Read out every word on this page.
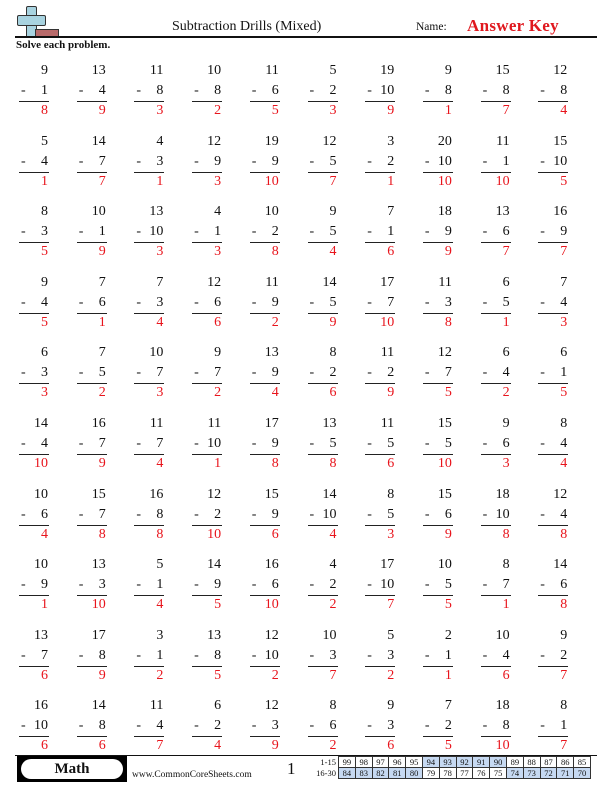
Subtraction Drills (Mixed)	Name: Answer Key
Solve each problem.
9
- 1
8
13
- 4
9
11
- 8
3
10
- 8
2
11
- 6
5
5
- 2
3
19
- 10
9
9
- 8
1
15
- 8
7
12
- 8
4
5
- 4
1
14
- 7
7
4
- 3
1
12
- 9
3
19
- 9
10
12
- 5
7
3
- 2
1
20
- 10
10
11
- 1
10
15
- 10
5
8
- 3
5
10
- 1
9
13
- 10
3
4
- 1
3
10
- 2
8
9
- 5
4
7
- 1
6
18
- 9
9
13
- 6
7
16
- 9
7
9
- 4
5
7
- 6
1
7
- 3
4
12
- 6
6
11
- 9
2
14
- 5
9
17
- 7
10
11
- 3
8
6
- 5
1
7
- 4
3
6
- 3
3
7
- 5
2
10
- 7
3
9
- 7
2
13
- 9
4
8
- 2
6
11
- 2
9
12
- 7
5
6
- 4
2
6
- 1
5
14
- 4
10
16
- 7
9
11
- 7
4
11
- 10
1
17
- 9
8
13
- 5
8
11
- 5
6
15
- 5
10
9
- 6
3
8
- 4
4
10
- 6
4
15
- 7
8
16
- 8
8
12
- 2
10
15
- 9
6
14
- 10
4
8
- 5
3
15
- 6
9
18
- 10
8
12
- 4
8
10
- 9
1
13
- 3
10
5
- 1
4
14
- 9
5
16
- 6
10
4
- 2
2
17
- 10
7
10
- 5
5
8
- 7
1
14
- 6
8
13
- 7
6
17
- 8
9
3
- 1
2
13
- 8
5
12
- 10
2
10
- 3
7
5
- 3
2
2
- 1
1
10
- 4
6
9
- 2
7
16
- 10
6
14
- 8
6
11
- 4
7
6
- 2
4
12
- 3
9
8
- 6
2
9
- 3
6
7
- 2
5
18
- 8
10
8
- 1
7
Math	www.CommonCoreSheets.com 1	1-15
16-30
99	98	97	96	95	94	93	92	91	90	89	88	87	86	85
84	83	82	81	80	79	78	77	76	75	74	73	72	71	70
